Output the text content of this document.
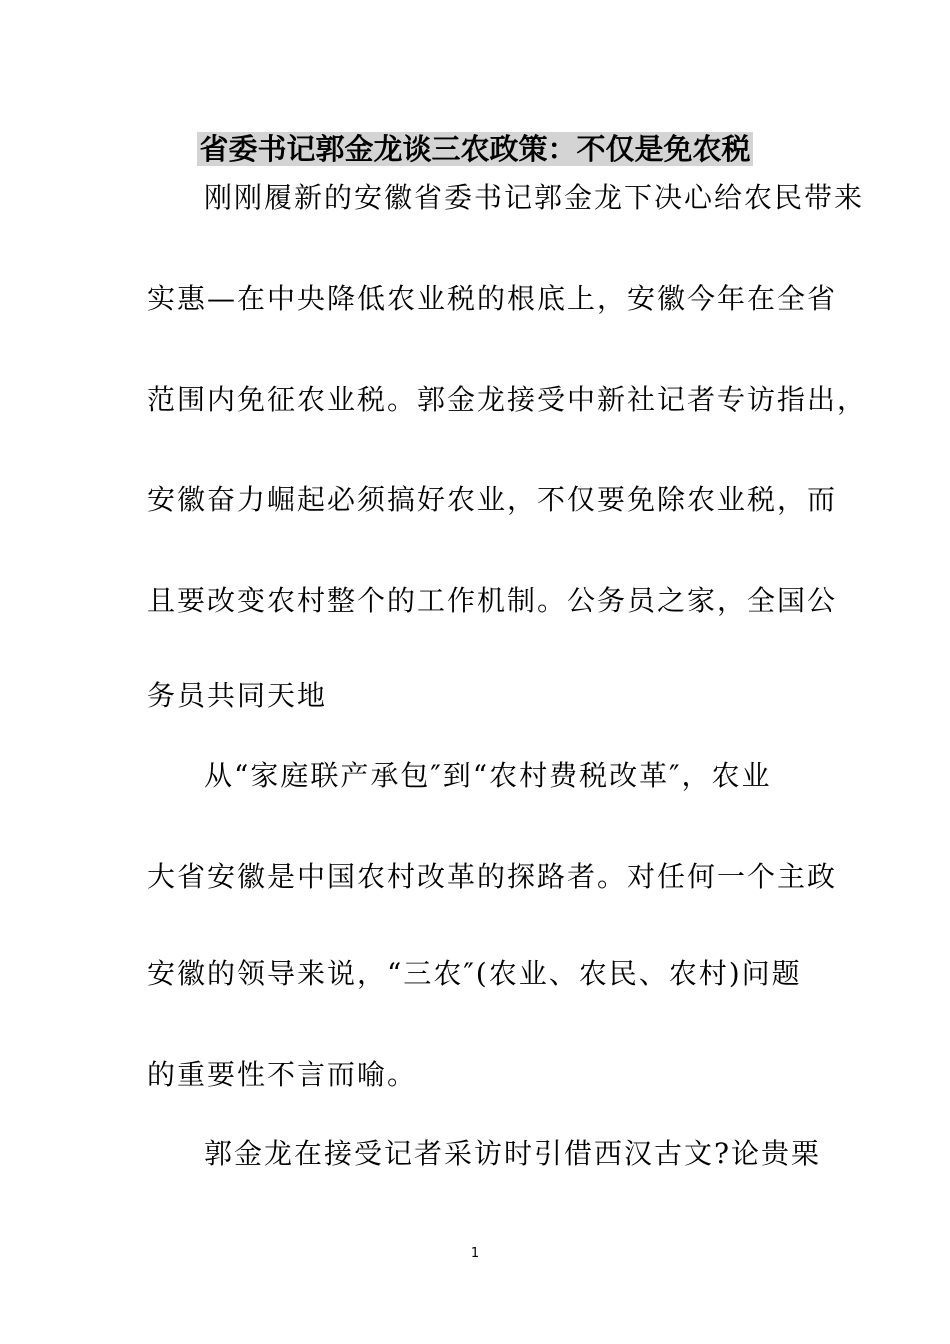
省委书记郭金龙谈三农政策：不仅是免农税
刚刚履新的安徽省委书记郭金龙下决心给农民带来
实惠—在中央降低农业税的根底上，安徽今年在全省
范围内免征农业税。郭金龙接受中新社记者专访指出，
安徽奋力崛起必须搞好农业，不仅要免除农业税，而
且要改变农村整个的工作机制。公务员之家，全国公
务员共同天地
从“家庭联产承包″到“农村费税改革″，农业
大省安徽是中国农村改革的探路者。对任何一个主政
安徽的领导来说，“三农″(农业、农民、农村)问题
的重要性不言而喻。
郭金龙在接受记者采访时引借西汉古文?论贵栗
1
